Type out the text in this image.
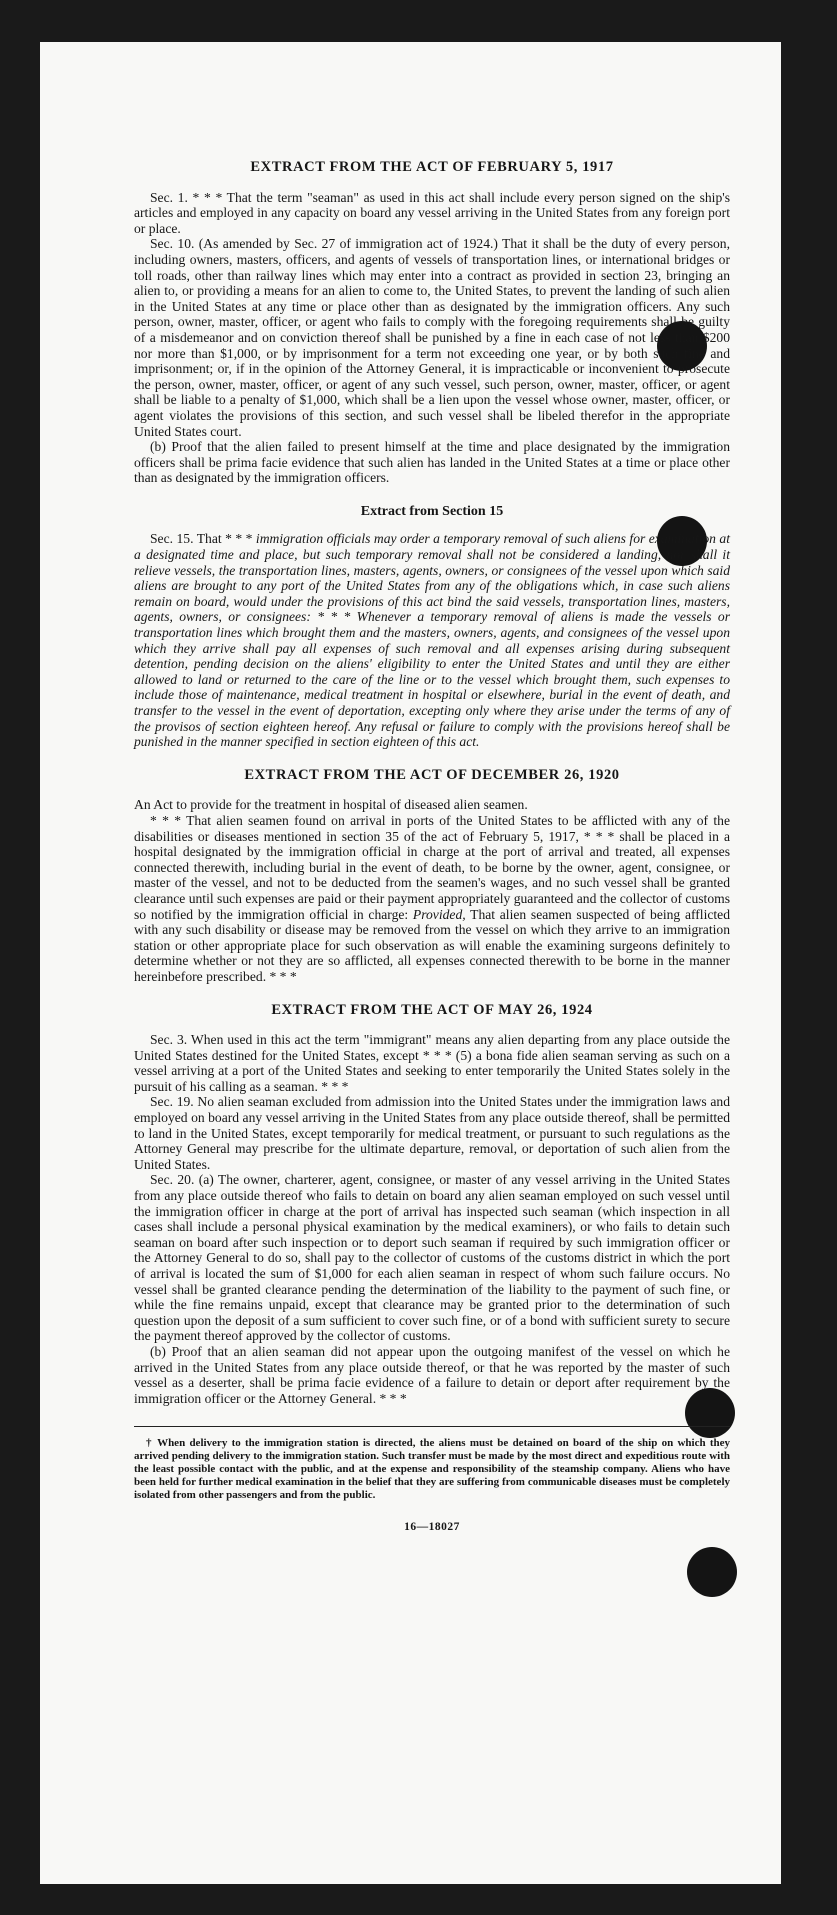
EXTRACT FROM THE ACT OF FEBRUARY 5, 1917

Sec. 1. * * * That the term "seaman" as used in this act shall include every person signed on the ship's articles and employed in any capacity on board any vessel arriving in the United States from any foreign port or place.

Sec. 10. (As amended by Sec. 27 of immigration act of 1924.) That it shall be the duty of every person, including owners, masters, officers, and agents of vessels of transportation lines, or international bridges or toll roads, other than railway lines which may enter into a contract as provided in section 23, bringing an alien to, or providing a means for an alien to come to, the United States, to prevent the landing of such alien in the United States at any time or place other than as designated by the immigration officers. Any such person, owner, master, officer, or agent who fails to comply with the foregoing requirements shall be guilty of a misdemeanor and on conviction thereof shall be punished by a fine in each case of not less than $200 nor more than $1,000, or by imprisonment for a term not exceeding one year, or by both such fine and imprisonment; or, if in the opinion of the Attorney General, it is impracticable or inconvenient to prosecute the person, owner, master, officer, or agent of any such vessel, such person, owner, master, officer, or agent shall be liable to a penalty of $1,000, which shall be a lien upon the vessel whose owner, master, officer, or agent violates the provisions of this section, and such vessel shall be libeled therefor in the appropriate United States court.

(b) Proof that the alien failed to present himself at the time and place designated by the immigration officers shall be prima facie evidence that such alien has landed in the United States at a time or place other than as designated by the immigration officers.

Extract from Section 15

Sec. 15. That * * * immigration officials may order a temporary removal of such aliens for examination at a designated time and place, but such temporary removal shall not be considered a landing, nor shall it relieve vessels, the transportation lines, masters, agents, owners, or consignees of the vessel upon which said aliens are brought to any port of the United States from any of the obligations which, in case such aliens remain on board, would under the provisions of this act bind the said vessels, transportation lines, masters, agents, owners, or consignees: * * * Whenever a temporary removal of aliens is made the vessels or transportation lines which brought them and the masters, owners, agents, and consignees of the vessel upon which they arrive shall pay all expenses of such removal and all expenses arising during subsequent detention, pending decision on the aliens' eligibility to enter the United States and until they are either allowed to land or returned to the care of the line or to the vessel which brought them, such expenses to include those of maintenance, medical treatment in hospital or elsewhere, burial in the event of death, and transfer to the vessel in the event of deportation, excepting only where they arise under the terms of any of the provisos of section eighteen hereof. Any refusal or failure to comply with the provisions hereof shall be punished in the manner specified in section eighteen of this act.

EXTRACT FROM THE ACT OF DECEMBER 26, 1920

An Act to provide for the treatment in hospital of diseased alien seamen.

* * * That alien seamen found on arrival in ports of the United States to be afflicted with any of the disabilities or diseases mentioned in section 35 of the act of February 5, 1917, * * * shall be placed in a hospital designated by the immigration official in charge at the port of arrival and treated, all expenses connected therewith, including burial in the event of death, to be borne by the owner, agent, consignee, or master of the vessel, and not to be deducted from the seamen's wages, and no such vessel shall be granted clearance until such expenses are paid or their payment appropriately guaranteed and the collector of customs so notified by the immigration official in charge: Provided, That alien seamen suspected of being afflicted with any such disability or disease may be removed from the vessel on which they arrive to an immigration station or other appropriate place for such observation as will enable the examining surgeons definitely to determine whether or not they are so afflicted, all expenses connected therewith to be borne in the manner hereinbefore prescribed. * * *

EXTRACT FROM THE ACT OF MAY 26, 1924

Sec. 3. When used in this act the term "immigrant" means any alien departing from any place outside the United States destined for the United States, except * * * (5) a bona fide alien seaman serving as such on a vessel arriving at a port of the United States and seeking to enter temporarily the United States solely in the pursuit of his calling as a seaman. * * *

Sec. 19. No alien seaman excluded from admission into the United States under the immigration laws and employed on board any vessel arriving in the United States from any place outside thereof, shall be permitted to land in the United States, except temporarily for medical treatment, or pursuant to such regulations as the Attorney General may prescribe for the ultimate departure, removal, or deportation of such alien from the United States.

Sec. 20. (a) The owner, charterer, agent, consignee, or master of any vessel arriving in the United States from any place outside thereof who fails to detain on board any alien seaman employed on such vessel until the immigration officer in charge at the port of arrival has inspected such seaman (which inspection in all cases shall include a personal physical examination by the medical examiners), or who fails to detain such seaman on board after such inspection or to deport such seaman if required by such immigration officer or the Attorney General to do so, shall pay to the collector of customs of the customs district in which the port of arrival is located the sum of $1,000 for each alien seaman in respect of whom such failure occurs. No vessel shall be granted clearance pending the determination of the liability to the payment of such fine, or while the fine remains unpaid, except that clearance may be granted prior to the determination of such question upon the deposit of a sum sufficient to cover such fine, or of a bond with sufficient surety to secure the payment thereof approved by the collector of customs.

(b) Proof that an alien seaman did not appear upon the outgoing manifest of the vessel on which he arrived in the United States from any place outside thereof, or that he was reported by the master of such vessel as a deserter, shall be prima facie evidence of a failure to detain or deport after requirement by the immigration officer or the Attorney General. * * *

† When delivery to the immigration station is directed, the aliens must be detained on board of the ship on which they arrived pending delivery to the immigration station. Such transfer must be made by the most direct and expeditious route with the least possible contact with the public, and at the expense and responsibility of the steamship company. Aliens who have been held for further medical examination in the belief that they are suffering from communicable diseases must be completely isolated from other passengers and from the public.

16—18027
